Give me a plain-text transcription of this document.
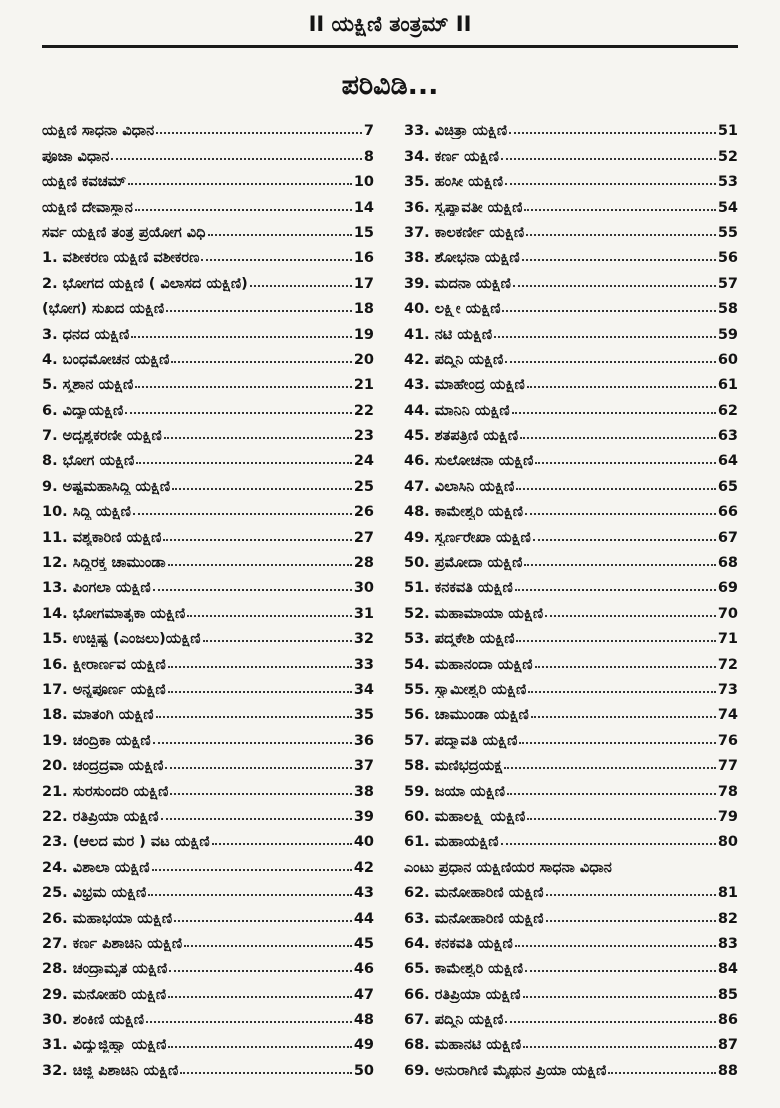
II ಯಕ್ಷಿಣಿ ತಂತ್ರಮ್ II
ಪರಿವಿಡಿ...
ಯಕ್ಷಿಣಿ ಸಾಧನಾ ವಿಧಾನ	7
ಪೂಜಾ ವಿಧಾನ	8
ಯಕ್ಷಿಣಿ ಕವಚಮ್	10
ಯಕ್ಷಿಣಿ ದೇವಾಸ್ಥಾನ	14
ಸರ್ವ ಯಕ್ಷಿಣಿ ತಂತ್ರ ಪ್ರಯೋಗ ವಿಧಿ	15
1. ವಶೀಕರಣ ಯಕ್ಷಿಣಿ ವಶೀಕರಣ	16
2. ಭೋಗದ ಯಕ್ಷಿಣಿ ( ವಿಲಾಸದ ಯಕ್ಷಿಣಿ)	17
(ಭೋಗ) ಸುಖದ ಯಕ್ಷಿಣಿ	18
3. ಧನದ ಯಕ್ಷಿಣಿ	19
4. ಬಂಧಮೋಚನ ಯಕ್ಷಿಣಿ	20
5. ಸ್ಮಶಾನ ಯಕ್ಷಿಣಿ	21
6. ವಿದ್ಯಾಯಕ್ಷಿಣಿ	22
7. ಅದೃಶ್ಯಕರಣೀ ಯಕ್ಷಿಣಿ	23
8. ಭೋಗ ಯಕ್ಷಿಣಿ	24
9. ಅಷ್ಟಮಹಾಸಿದ್ಧಿ ಯಕ್ಷಿಣಿ	25
10. ಸಿದ್ಧಿ ಯಕ್ಷಿಣಿ	26
11. ವಶ್ಯಕಾರಿಣಿ ಯಕ್ಷಿಣಿ	27
12. ಸಿದ್ಧಿರಕ್ತ ಚಾಮುಂಡಾ	28
13. ಪಿಂಗಲಾ ಯಕ್ಷಿಣಿ	30
14. ಭೋಗಮಾತೃಕಾ ಯಕ್ಷಿಣಿ	31
15. ಉಚ್ಛಿಷ್ಟ (ಎಂಜಲು)ಯಕ್ಷಿಣಿ	32
16. ಕ್ಷೀರಾರ್ಣವ ಯಕ್ಷಿಣಿ	33
17. ಅನ್ನಪೂರ್ಣ ಯಕ್ಷಿಣಿ	34
18. ಮಾತಂಗಿ ಯಕ್ಷಿಣಿ	35
19. ಚಂದ್ರಿಕಾ ಯಕ್ಷಿಣಿ	36
20. ಚಂದ್ರದ್ರವಾ ಯಕ್ಷಿಣಿ	37
21. ಸುರಸುಂದರಿ ಯಕ್ಷಿಣಿ	38
22. ರತಿಪ್ರಿಯಾ ಯಕ್ಷಿಣಿ	39
23. (ಆಲದ ಮರ ) ವಟ ಯಕ್ಷಿಣಿ	40
24. ವಿಶಾಲಾ ಯಕ್ಷಿಣಿ	42
25. ವಿಭ್ರಮ ಯಕ್ಷಿಣಿ	43
26. ಮಹಾಭಯಾ ಯಕ್ಷಿಣಿ	44
27. ಕರ್ಣ ಪಿಶಾಚಿನಿ ಯಕ್ಷಿಣಿ	45
28. ಚಂದ್ರಾಮೃತ ಯಕ್ಷಿಣಿ	46
29. ಮನೋಹರಿ ಯಕ್ಷಿಣಿ	47
30. ಶಂಕಿಣಿ ಯಕ್ಷಿಣಿ	48
31. ವಿದ್ಯುಜ್ಜಿಹ್ವಾ ಯಕ್ಷಿಣಿ	49
32. ಚಿಜ್ಜಿ ಪಿಶಾಚಿನಿ ಯಕ್ಷಿಣಿ	50
33. ವಿಚಿತ್ರಾ ಯಕ್ಷಿಣಿ	51
34. ಕರ್ಣ ಯಕ್ಷಿಣಿ	52
35. ಹಂಸೀ ಯಕ್ಷಿಣಿ	53
36. ಸ್ವಪ್ನಾವತೀ ಯಕ್ಷಿಣಿ	54
37. ಕಾಲಕರ್ಣೀ ಯಕ್ಷಿಣಿ	55
38. ಶೋಭನಾ ಯಕ್ಷಿಣಿ	56
39. ಮದನಾ ಯಕ್ಷಿಣಿ	57
40. ಲಕ್ಷ್ಮೀ ಯಕ್ಷಿಣಿ	58
41. ನಟಿ ಯಕ್ಷಿಣಿ	59
42. ಪದ್ಮಿನಿ ಯಕ್ಷಿಣಿ	60
43. ಮಾಹೇಂದ್ರ ಯಕ್ಷಿಣಿ	61
44. ಮಾನಿನಿ ಯಕ್ಷಿಣಿ	62
45. ಶತಪತ್ರಿಣಿ ಯಕ್ಷಿಣಿ	63
46. ಸುಲೋಚನಾ ಯಕ್ಷಿಣಿ	64
47. ವಿಲಾಸಿನಿ ಯಕ್ಷಿಣಿ	65
48. ಕಾಮೇಶ್ವರಿ ಯಕ್ಷಿಣಿ	66
49. ಸ್ವರ್ಣರೇಖಾ ಯಕ್ಷಿಣಿ	67
50. ಪ್ರಮೋದಾ ಯಕ್ಷಿಣಿ	68
51. ಕನಕವತಿ ಯಕ್ಷಿಣಿ	69
52. ಮಹಾಮಾಯಾ ಯಕ್ಷಿಣಿ	70
53. ಪದ್ಮಕೇಶಿ ಯಕ್ಷಿಣಿ	71
54. ಮಹಾನಂದಾ ಯಕ್ಷಿಣಿ	72
55. ಸ್ವಾಮೀಶ್ವರಿ ಯಕ್ಷಿಣಿ	73
56. ಚಾಮುಂಡಾ ಯಕ್ಷಿಣಿ	74
57. ಪದ್ಮಾವತಿ ಯಕ್ಷಿಣಿ	76
58. ಮಣಿಭದ್ರಯಕ್ಷ	77
59. ಜಯಾ ಯಕ್ಷಿಣಿ	78
60. ಮಹಾಲಕ್ಷ್ಮಿ ಯಕ್ಷಿಣಿ	79
61. ಮಹಾಯಕ್ಷಿಣಿ	80
ಎಂಟು ಪ್ರಧಾನ ಯಕ್ಷಿಣಿಯರ ಸಾಧನಾ ವಿಧಾನ
62. ಮನೋಹಾರಿಣಿ ಯಕ್ಷಿಣಿ	81
63. ಮನೋಹಾರಿಣಿ ಯಕ್ಷಿಣಿ	82
64. ಕನಕವತಿ ಯಕ್ಷಿಣಿ	83
65. ಕಾಮೇಶ್ವರಿ ಯಕ್ಷಿಣಿ	84
66. ರತಿಪ್ರಿಯಾ ಯಕ್ಷಿಣಿ	85
67. ಪದ್ಮಿನಿ ಯಕ್ಷಿಣಿ	86
68. ಮಹಾನಟಿ ಯಕ್ಷಿಣಿ	87
69. ಅನುರಾಗಿಣಿ ಮೈಥುನ ಪ್ರಿಯಾ ಯಕ್ಷಿಣಿ	88
